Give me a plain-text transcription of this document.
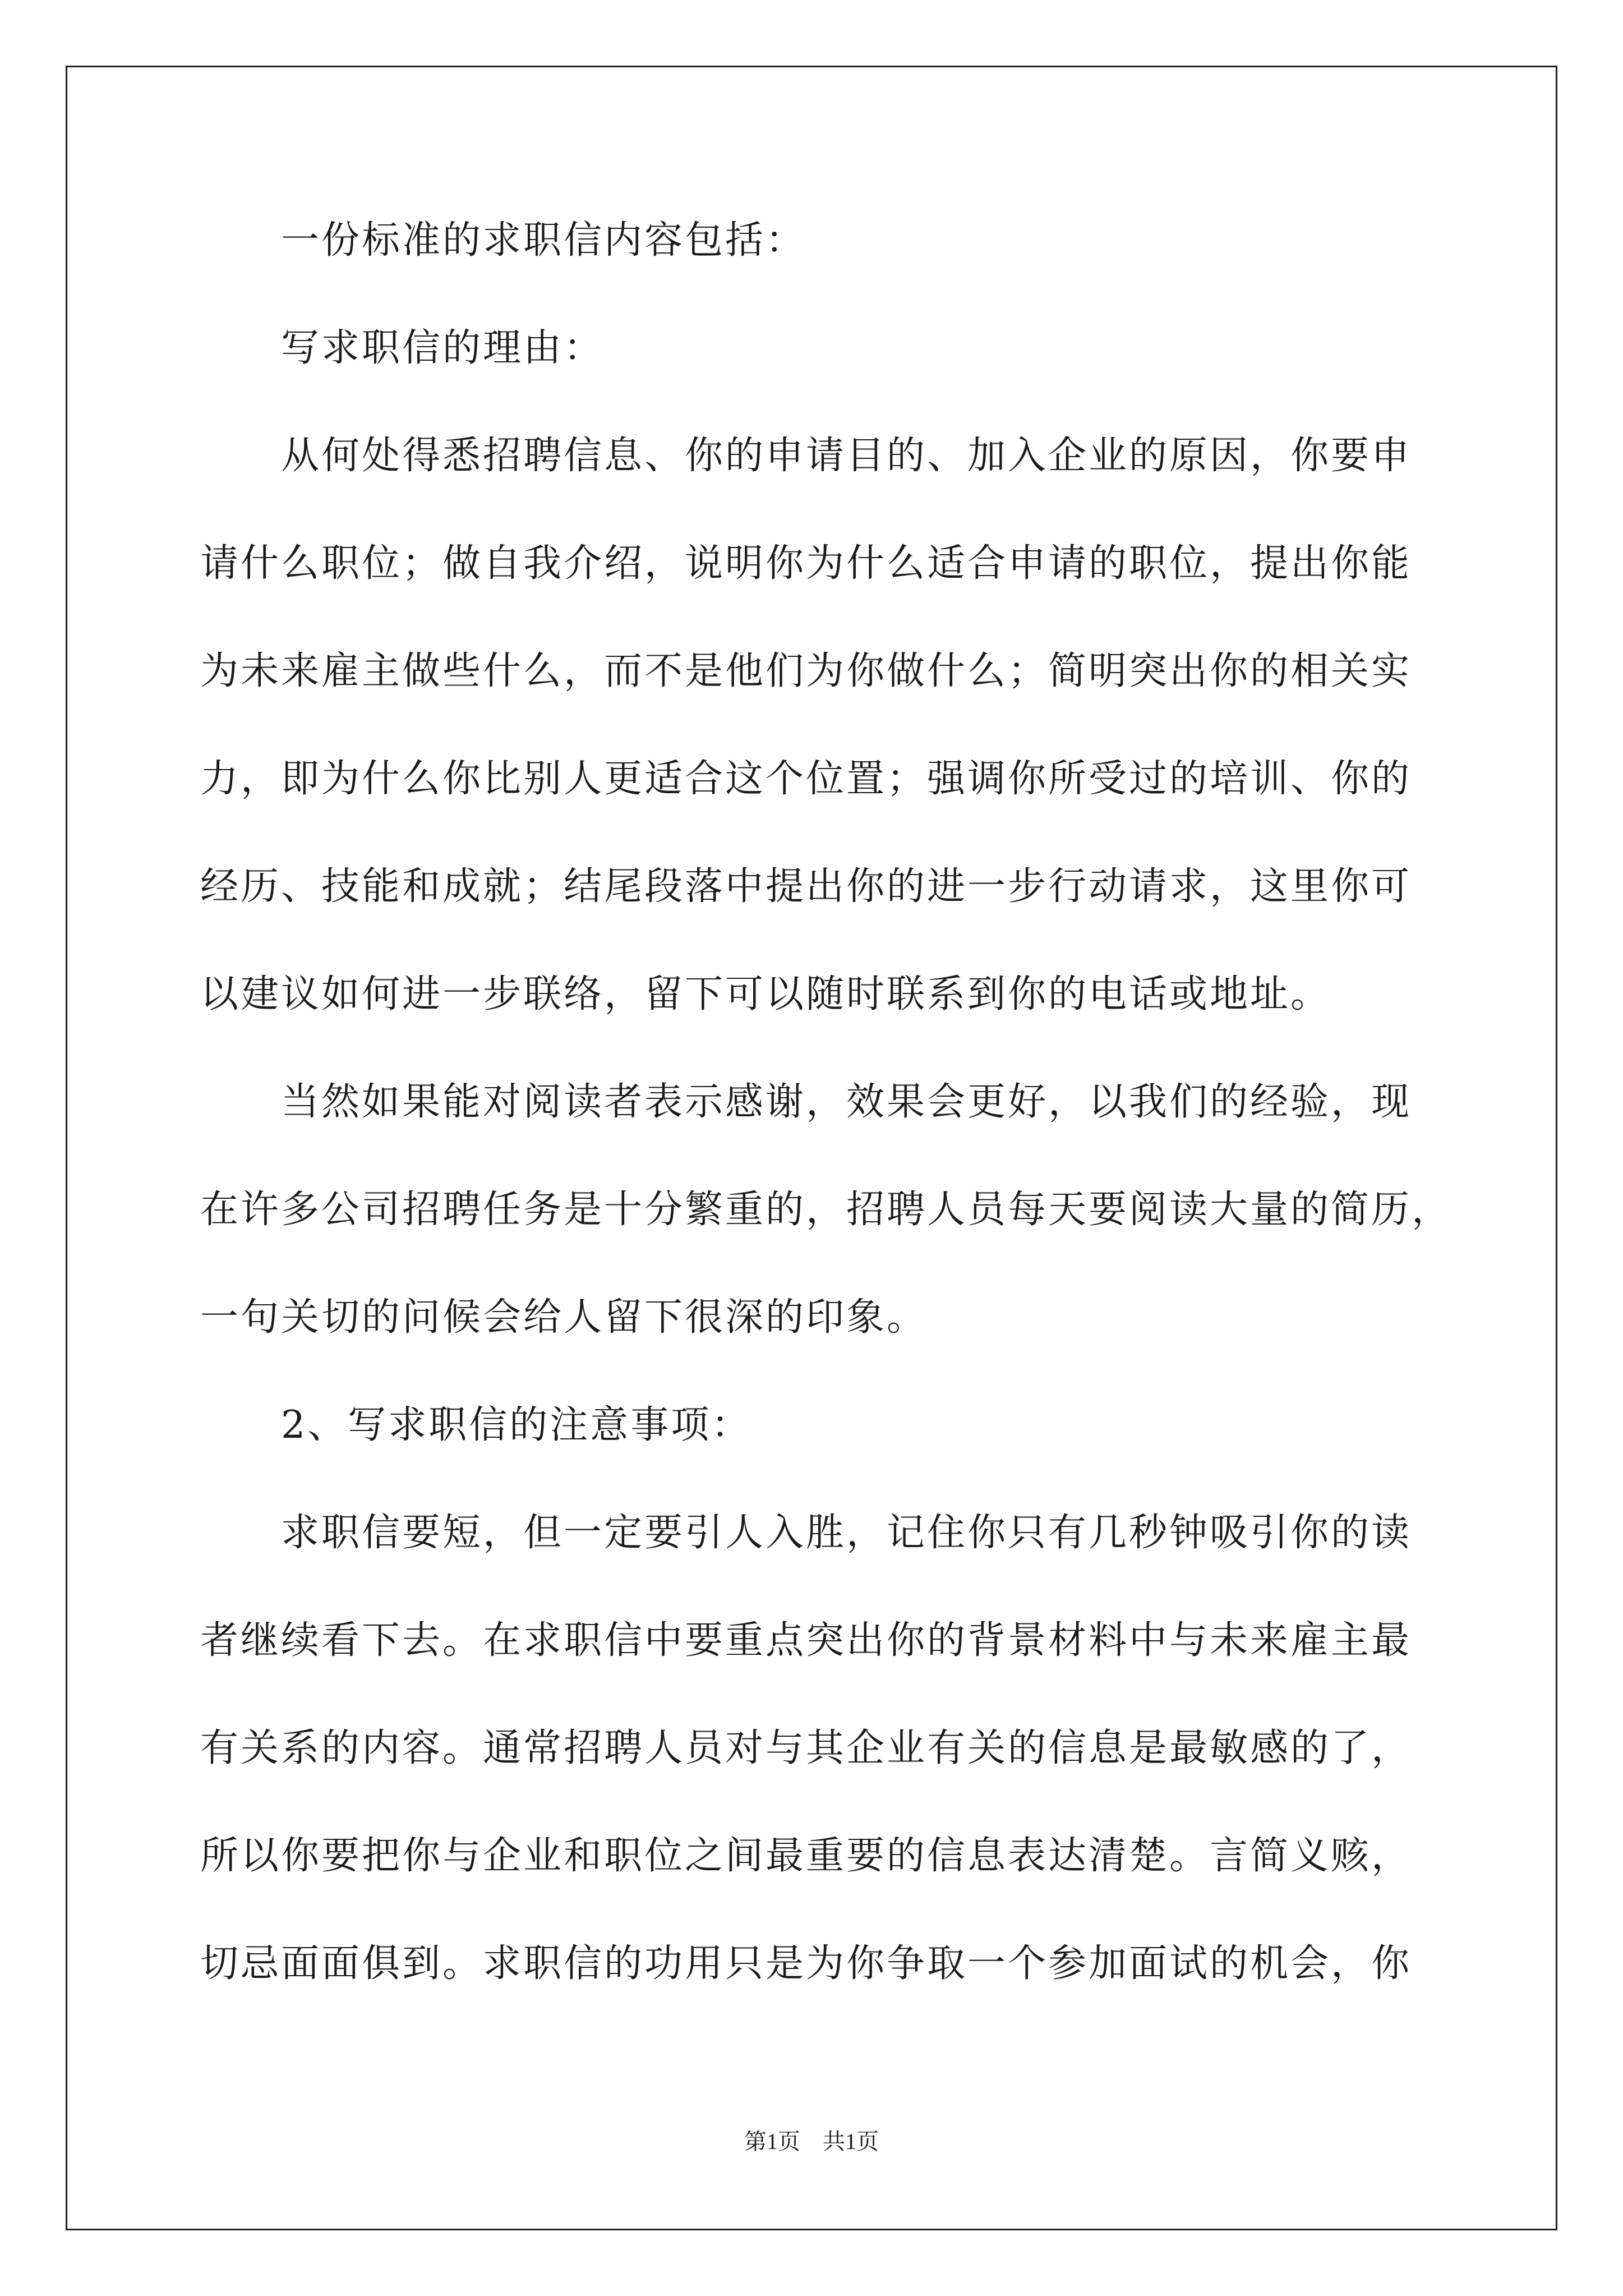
一份标准的求职信内容包括：
写求职信的理由：
从何处得悉招聘信息、你的申请目的、加入企业的原因，你要申
请什么职位；做自我介绍，说明你为什么适合申请的职位，提出你能
为未来雇主做些什么，而不是他们为你做什么；简明突出你的相关实
力，即为什么你比别人更适合这个位置；强调你所受过的培训、你的
经历、技能和成就；结尾段落中提出你的进一步行动请求，这里你可
以建议如何进一步联络，留下可以随时联系到你的电话或地址。
当然如果能对阅读者表示感谢，效果会更好，以我们的经验，现
在许多公司招聘任务是十分繁重的，招聘人员每天要阅读大量的简历，
一句关切的问候会给人留下很深的印象。
2、写求职信的注意事项：
求职信要短，但一定要引人入胜，记住你只有几秒钟吸引你的读
者继续看下去。在求职信中要重点突出你的背景材料中与未来雇主最
有关系的内容。通常招聘人员对与其企业有关的信息是最敏感的了，
所以你要把你与企业和职位之间最重要的信息表达清楚。言简义赅，
切忌面面俱到。求职信的功用只是为你争取一个参加面试的机会，你
第1页 共1页
